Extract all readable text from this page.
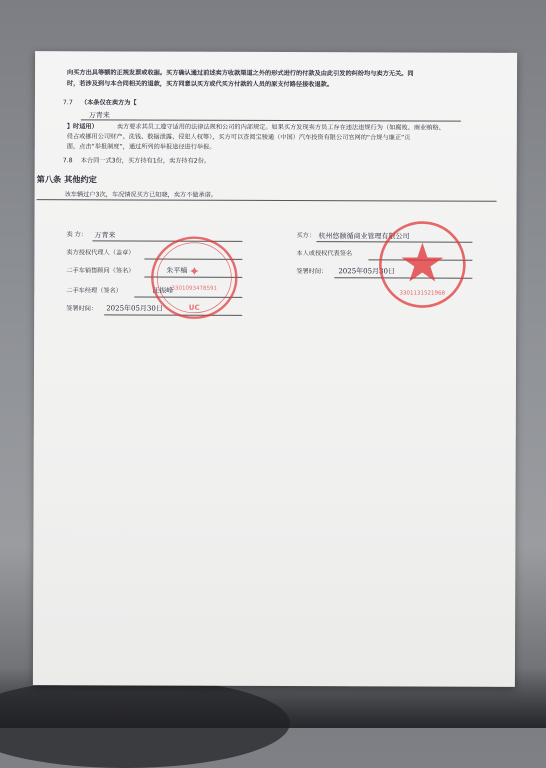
向买方出具等额的正规发票或收据。买方确认通过前述卖方收款渠道之外的形式进行的付款及由此引发的纠纷均与卖方无关。同
时，若涉及到与本合同相关的退款，买方同意以买方或代买方付款的人员的原支付路径接收退款。
7.7 （本条仅在卖方为【
万青来
】时适用）	卖方要求其员工遵守适用的法律法规和公司的内部规定。如果买方发现卖方员工存在违法违规行为（如腐败、商业贿赂、
侵占或挪用公司财产、洗钱、数据泄露、侵犯人权等），买方可以查阅宝骏通（中国）汽车投资有限公司官网的“合规与廉正”页
面，点击“举报制度”，通过所列的举报途径进行举报。
7.8 本合同一式3份，买方持有1份，卖方持有2份。
第八条 其他约定
该车辆过户3次，车况情况买方已知晓，卖方不做承诺。
卖 方： 万青来
卖方授权代理人（盖章）
二手车销售顾问（签名）	朱平楠
二手车经理（签名）	汪振峰
签署时间： 2025年05月30日
买方： 杭州悠颐循商业管理有限公司
本人或授权代表签名
签署时间： 2025年05月30日
✦
3301093478591
UC
3301131521968
